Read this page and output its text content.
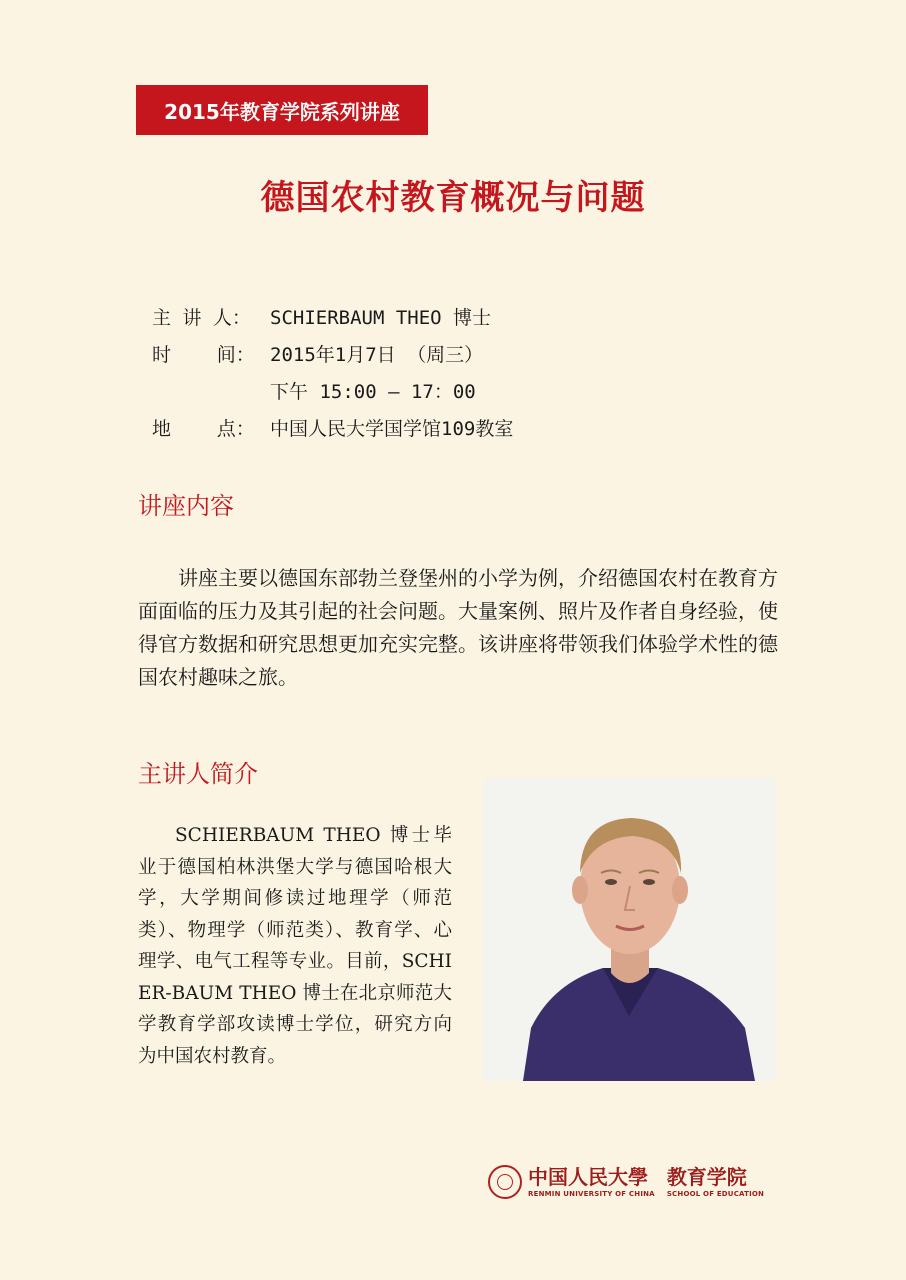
2015年教育学院系列讲座
德国农村教育概况与问题
主 讲 人：	SCHIERBAUM THEO 博士
时    间： 2015年1月7日 （周三）
下午 15:00 – 17：00
地    点： 中国人民大学国学馆109教室
讲座内容
讲座主要以德国东部勃兰登堡州的小学为例，介绍德国农村在教育方面面临的压力及其引起的社会问题。大量案例、照片及作者自身经验，使得官方数据和研究思想更加充实完整。该讲座将带领我们体验学术性的德国农村趣味之旅。
主讲人简介
SCHIERBAUM THEO 博士毕业于德国柏林洪堡大学与德国哈根大学，大学期间修读过地理学（师范类）、物理学（师范类）、教育学、心理学、电气工程等专业。目前，SCHIER-BAUM THEO 博士在北京师范大学教育学部攻读博士学位，研究方向为中国农村教育。
中国人民大學
RENMIN UNIVERSITY OF CHINA
教育学院
SCHOOL OF EDUCATION
